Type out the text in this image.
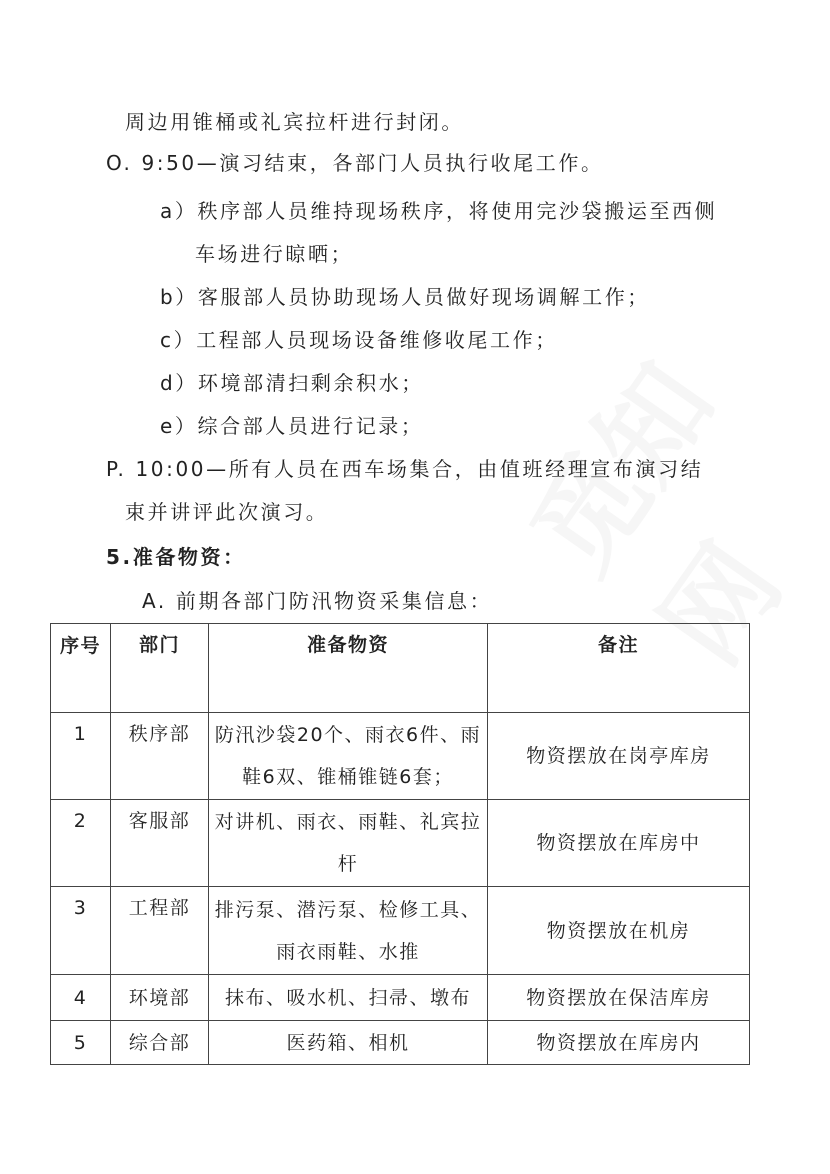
周边用锥桶或礼宾拉杆进行封闭。
O. 9:50—演习结束，各部门人员执行收尾工作。
a）秩序部人员维持现场秩序，将使用完沙袋搬运至西侧
车场进行晾晒；
b）客服部人员协助现场人员做好现场调解工作；
c）工程部人员现场设备维修收尾工作；
d）环境部清扫剩余积水；
e）综合部人员进行记录；
P. 10:00—所有人员在西车场集合，由值班经理宣布演习结
束并讲评此次演习。
5.准备物资：
A. 前期各部门防汛物资采集信息：
序号	部门	准备物资	备注
1	秩序部	防汛沙袋20个、雨衣6件、雨鞋6双、锥桶锥链6套；	物资摆放在岗亭库房
2	客服部	对讲机、雨衣、雨鞋、礼宾拉杆	物资摆放在库房中
3	工程部	排污泵、潜污泵、检修工具、雨衣雨鞋、水推	物资摆放在机房
4	环境部	抹布、吸水机、扫帚、墩布	物资摆放在保洁库房
5	综合部	医药箱、相机	物资摆放在库房内
